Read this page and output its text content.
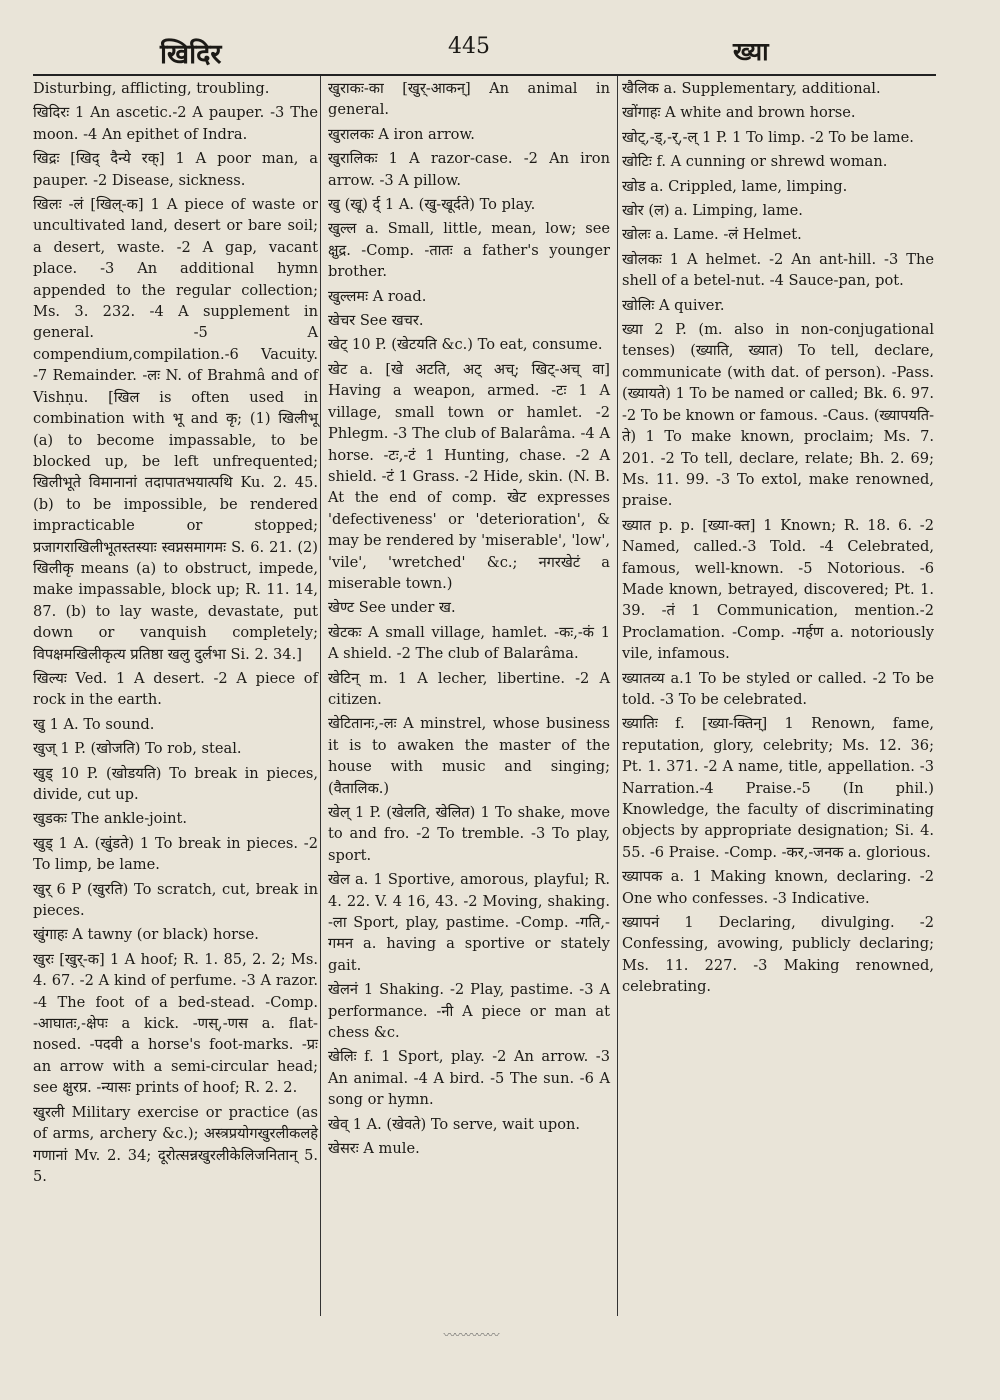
खिदिर	445	ख्या

Disturbing, afflicting, troubling.

खिदिरः 1 An ascetic.-2 A pauper. -3 The moon. -4 An epithet of Indra.

खिद्रः [खिद् दैन्ये रक्] 1 A poor man, a pauper. -2 Disease, sickness.

खिलः -लं [खिल्-क] 1 A piece of waste or uncultivated land, desert or bare soil; a desert, waste. -2 A gap, vacant place. -3 An additional hymn appended to the regular collection; Ms. 3. 232. -4 A supplement in general. -5 A compendium,compilation.-6 Vacuity. -7 Remainder. -लः N. of Brahmâ and of Vishṇu. [खिल is often used in combination with भू and कृ; (1) खिलीभू (a) to become impassable, to be blocked up, be left unfrequented; खिलीभूते विमानानां तदापातभयात्पथि Ku. 2. 45. (b) to be impossible, be rendered impracticable or stopped; प्रजागराखिलीभूतस्तस्याः स्वप्नसमागमः S. 6. 21. (2) खिलीकृ means (a) to obstruct, impede, make impassable, block up; R. 11. 14, 87. (b) to lay waste, devastate, put down or vanquish completely; विपक्षमखिलीकृत्य प्रतिष्ठा खलु दुर्लभा Si. 2. 34.]

खिल्यः Ved. 1 A desert. -2 A piece of rock in the earth.

खु 1 A. To sound.

खुज् 1 P. (खोजति) To rob, steal.

खुड् 10 P. (खोडयति) To break in pieces, divide, cut up.

खुडकः The ankle-joint.

खुड् 1 A. (खुंडते) 1 To break in pieces. -2 To limp, be lame.

खुर् 6 P (खुरति) To scratch, cut, break in pieces.

खुंगाहः A tawny (or black) horse.

खुरः [खुर्-क] 1 A hoof; R. 1. 85, 2. 2; Ms. 4. 67. -2 A kind of perfume. -3 A razor. -4 The foot of a bed-stead. -Comp. -आघातः,-क्षेपः a kick. -णस्,-णस a. flat-nosed. -पदवी a horse's foot-marks. -प्रः an arrow with a semi-circular head; see क्षुरप्र. -न्यासः prints of hoof; R. 2. 2.

खुरली Military exercise or practice (as of arms, archery &c.); अस्त्रप्रयोगखुरलीकलहे गणानां Mv. 2. 34; दूरोत्सन्नखुरलीकेलिजनितान् 5. 5.

खुराकः-का [खुर्-आकन्] An animal in general.

खुरालकः A iron arrow.

खुरालिकः 1 A razor-case. -2 An iron arrow. -3 A pillow.

खु (खू) र्द् 1 A. (खु-खूर्दते) To play.

खुल्ल a. Small, little, mean, low; see क्षुद्र. -Comp. -तातः a father's younger brother.

खुल्लमः A road.

खेचर See खचर.

खेट् 10 P. (खेटयति &c.) To eat, consume.

खेट a. [खे अटति, अट् अच्; खिट्-अच् वा] Having a weapon, armed. -टः 1 A village, small town or hamlet. -2 Phlegm. -3 The club of Balarâma. -4 A horse. -टः,-टं 1 Hunting, chase. -2 A shield. -टं 1 Grass. -2 Hide, skin. (N. B. At the end of comp. खेट expresses 'defectiveness' or 'deterioration', & may be rendered by 'miserable', 'low', 'vile', 'wretched' &c.; नगरखेटं a miserable town.)

खेण्ट See under ख.

खेटकः A small village, hamlet. -कः,-कं 1 A shield. -2 The club of Balarâma.

खेटिन् m. 1 A lecher, libertine. -2 A citizen.

खेटितानः,-लः A minstrel, whose business it is to awaken the master of the house with music and singing; (वैतालिक.)

खेल् 1 P. (खेलति, खेलित) 1 To shake, move to and fro. -2 To tremble. -3 To play, sport.

खेल a. 1 Sportive, amorous, playful; R. 4. 22. V. 4 16, 43. -2 Moving, shaking. -ला Sport, play, pastime. -Comp. -गति,-गमन a. having a sportive or stately gait.

खेलनं 1 Shaking. -2 Play, pastime. -3 A performance. -नी A piece or man at chess &c.

खेलिः f. 1 Sport, play. -2 An arrow. -3 An animal. -4 A bird. -5 The sun. -6 A song or hymn.

खेव् 1 A. (खेवते) To serve, wait upon.

खेसरः A mule.

खैलिक a. Supplementary, additional.

खोंगाहः A white and brown horse.

खोट्,-ड्,-र्,-ल् 1 P. 1 To limp. -2 To be lame.

खोटिः f. A cunning or shrewd woman.

खोड a. Crippled, lame, limping.

खोर (ल) a. Limping, lame.

खोलः a. Lame. -लं Helmet.

खोलकः 1 A helmet. -2 An ant-hill. -3 The shell of a betel-nut. -4 Sauce-pan, pot.

खोलिः A quiver.

ख्या 2 P. (m. also in non-conjugational tenses) (ख्याति, ख्यात) To tell, declare, communicate (with dat. of person). -Pass. (ख्यायते) 1 To be named or called; Bk. 6. 97. -2 To be known or famous. -Caus. (ख्यापयति-ते) 1 To make known, proclaim; Ms. 7. 201. -2 To tell, declare, relate; Bh. 2. 69; Ms. 11. 99. -3 To extol, make renowned, praise.

ख्यात p. p. [ख्या-क्त] 1 Known; R. 18. 6. -2 Named, called.-3 Told. -4 Celebrated, famous, well-known. -5 Notorious. -6 Made known, betrayed, discovered; Pt. 1. 39. -तं 1 Communication, mention.-2 Proclamation. -Comp. -गर्हण a. notoriously vile, infamous.

ख्यातव्य a.1 To be styled or called. -2 To be told. -3 To be celebrated.

ख्यातिः f. [ख्या-क्तिन्] 1 Renown, fame, reputation, glory, celebrity; Ms. 12. 36; Pt. 1. 371. -2 A name, title, appellation. -3 Narration.-4 Praise.-5 (In phil.) Knowledge, the faculty of discriminating objects by appropriate designation; Si. 4. 55. -6 Praise. -Comp. -कर,-जनक a. glorious.

ख्यापक a. 1 Making known, declaring. -2 One who confesses. -3 Indicative.

ख्यापनं 1 Declaring, divulging. -2 Confessing, avowing, publicly declaring; Ms. 11. 227. -3 Making renowned, celebrating.

〰〰〰〰〰
